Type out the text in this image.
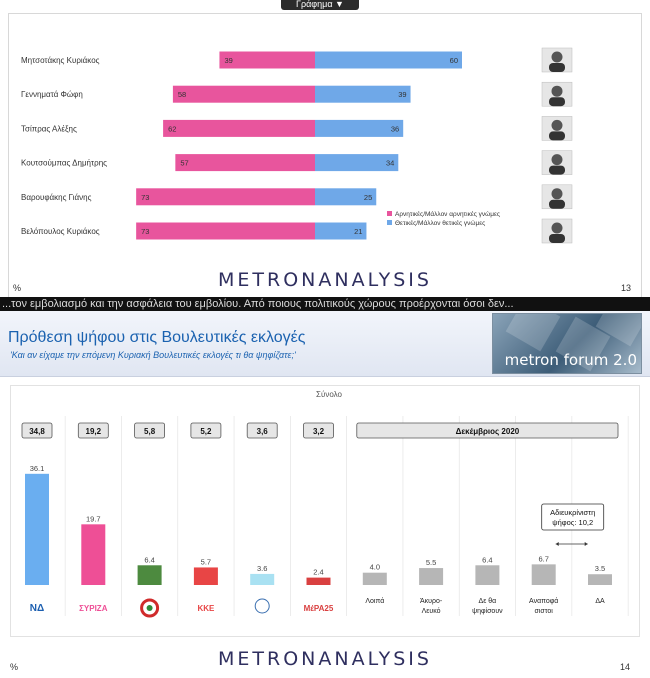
Γράφημα ▼
Μητσοτάκης Κυριάκος	39	60
Γεννηματά Φώφη	58	39
Τσίπρας Αλέξης	62	36
Κουτσούμπας Δημήτρης	57	34
Βαρουφάκης Γιάνης	73	25
Βελόπουλος Κυριάκος	73	21
Αρνητικές/Μάλλον αρνητικές γνώμες
Θετικές/Μάλλον θετικές γνώμες
METRONANALYSIS
%	13
...τον εμβολιασμό και την ασφάλεια του εμβολίου. Από ποιους πολιτικούς χώρους προέρχονται όσοι δεν...
Πρόθεση ψήφου στις Βουλευτικές εκλογές
'Και αν είχαμε την επόμενη Κυριακή Βουλευτικές εκλογές τι θα ψηφίζατε;'	metron forum 2.0
Σύνολο
34,8	19,2	5,8	5,2	3,6	3,2	Δεκέμβριος 2020
36.1
ΝΔ
19.7
ΣΥΡΙΖΑ
6.4	5.7
ΚΚΕ
3.6	2.4
ΜέΡΑ25
4.0
Λοιπά
5.5
Άκυρο-
Λευκό
6.4
Δε θα
ψηφίσουν
6.7
Αναποφά
σιστοι
3.5
ΔΑ
Αδιευκρίνιστη
ψήφος: 10,2
METRONANALYSIS
%	14
